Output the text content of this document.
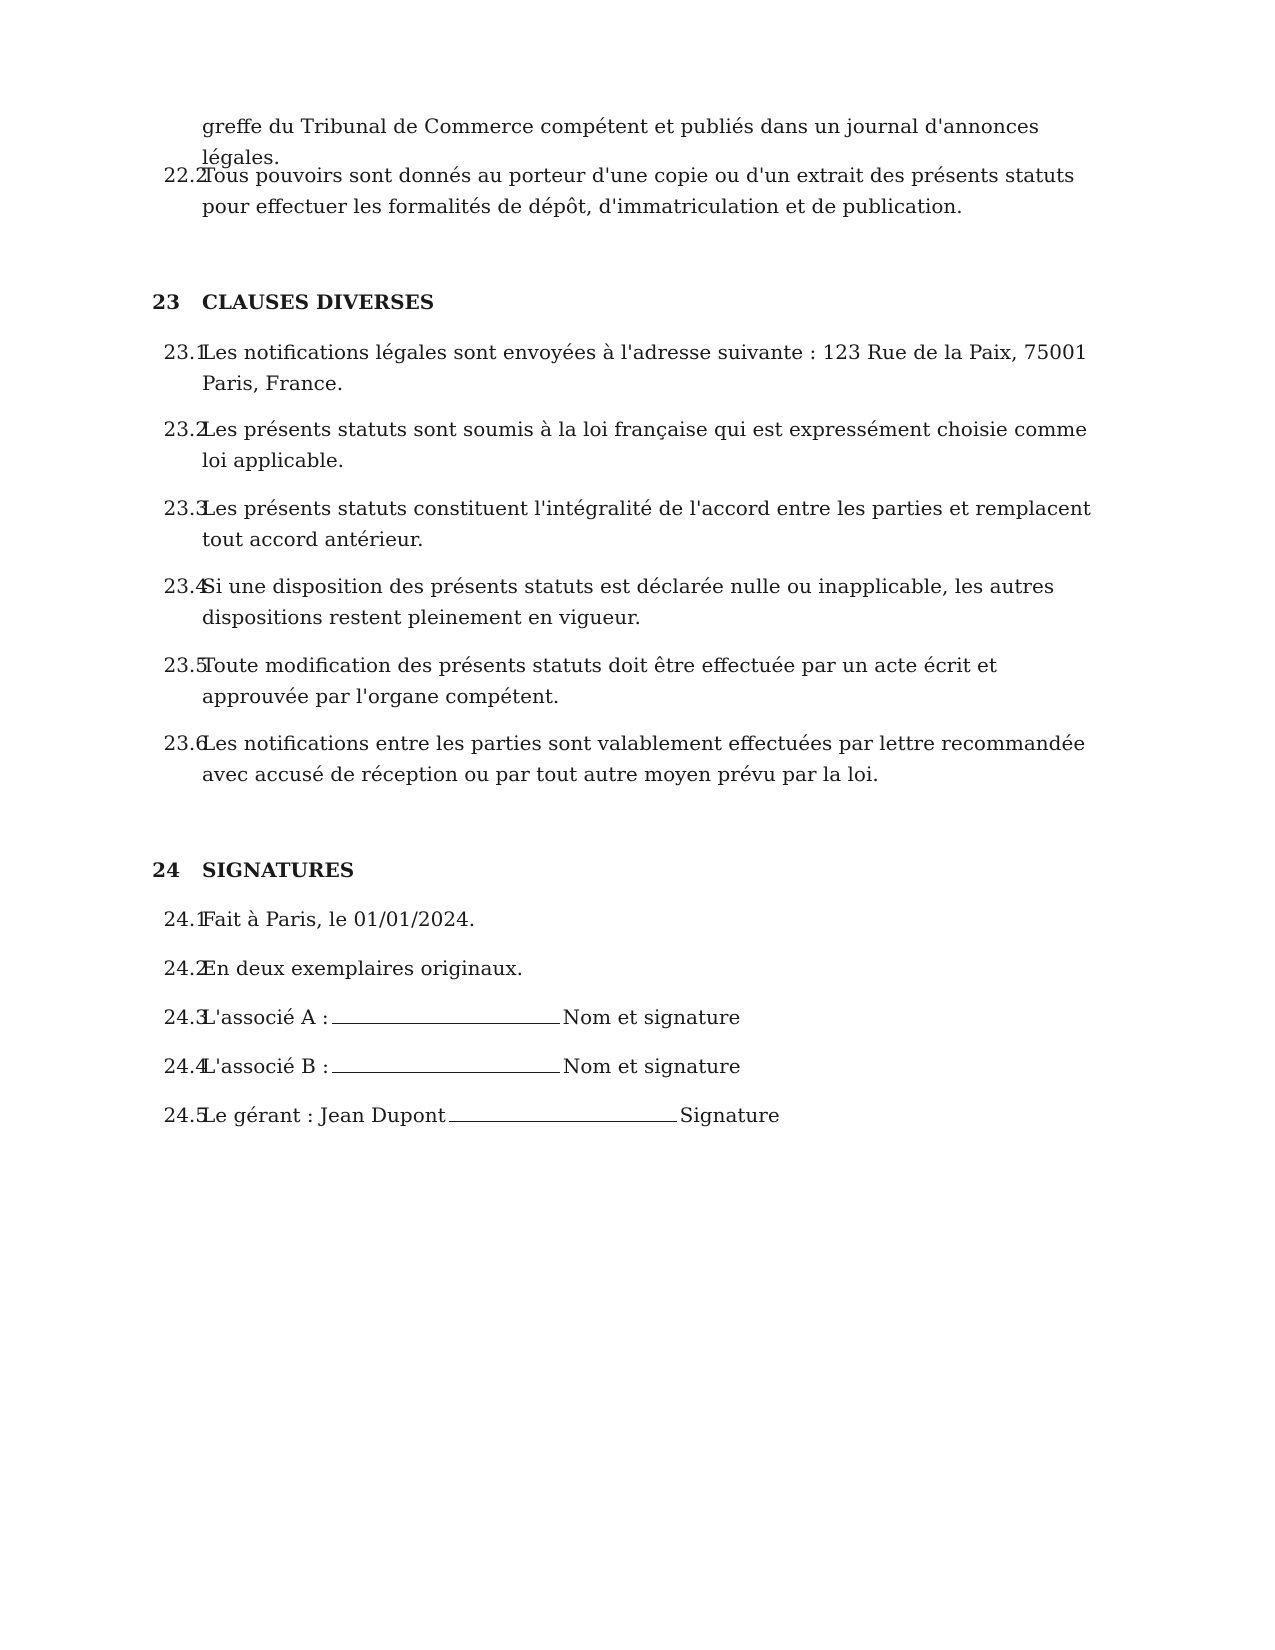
greffe du Tribunal de Commerce compétent et publiés dans un journal d'annonces légales.
22.2
Tous pouvoirs sont donnés au porteur d'une copie ou d'un extrait des présents statuts pour effectuer les formalités de dépôt, d'immatriculation et de publication.
23	CLAUSES DIVERSES
23.1
Les notifications légales sont envoyées à l'adresse suivante : 123 Rue de la Paix, 75001 Paris, France.
23.2
Les présents statuts sont soumis à la loi française qui est expressément choisie comme loi applicable.
23.3
Les présents statuts constituent l'intégralité de l'accord entre les parties et remplacent tout accord antérieur.
23.4
Si une disposition des présents statuts est déclarée nulle ou inapplicable, les autres dispositions restent pleinement en vigueur.
23.5
Toute modification des présents statuts doit être effectuée par un acte écrit et approuvée par l'organe compétent.
23.6
Les notifications entre les parties sont valablement effectuées par lettre recommandée avec accusé de réception ou par tout autre moyen prévu par la loi.
24	SIGNATURES
24.1
Fait à Paris, le 01/01/2024.
24.2
En deux exemplaires originaux.
24.3
L'associé A :	Nom et signature
24.4
L'associé B :	Nom et signature
24.5
Le gérant : Jean Dupont	Signature
